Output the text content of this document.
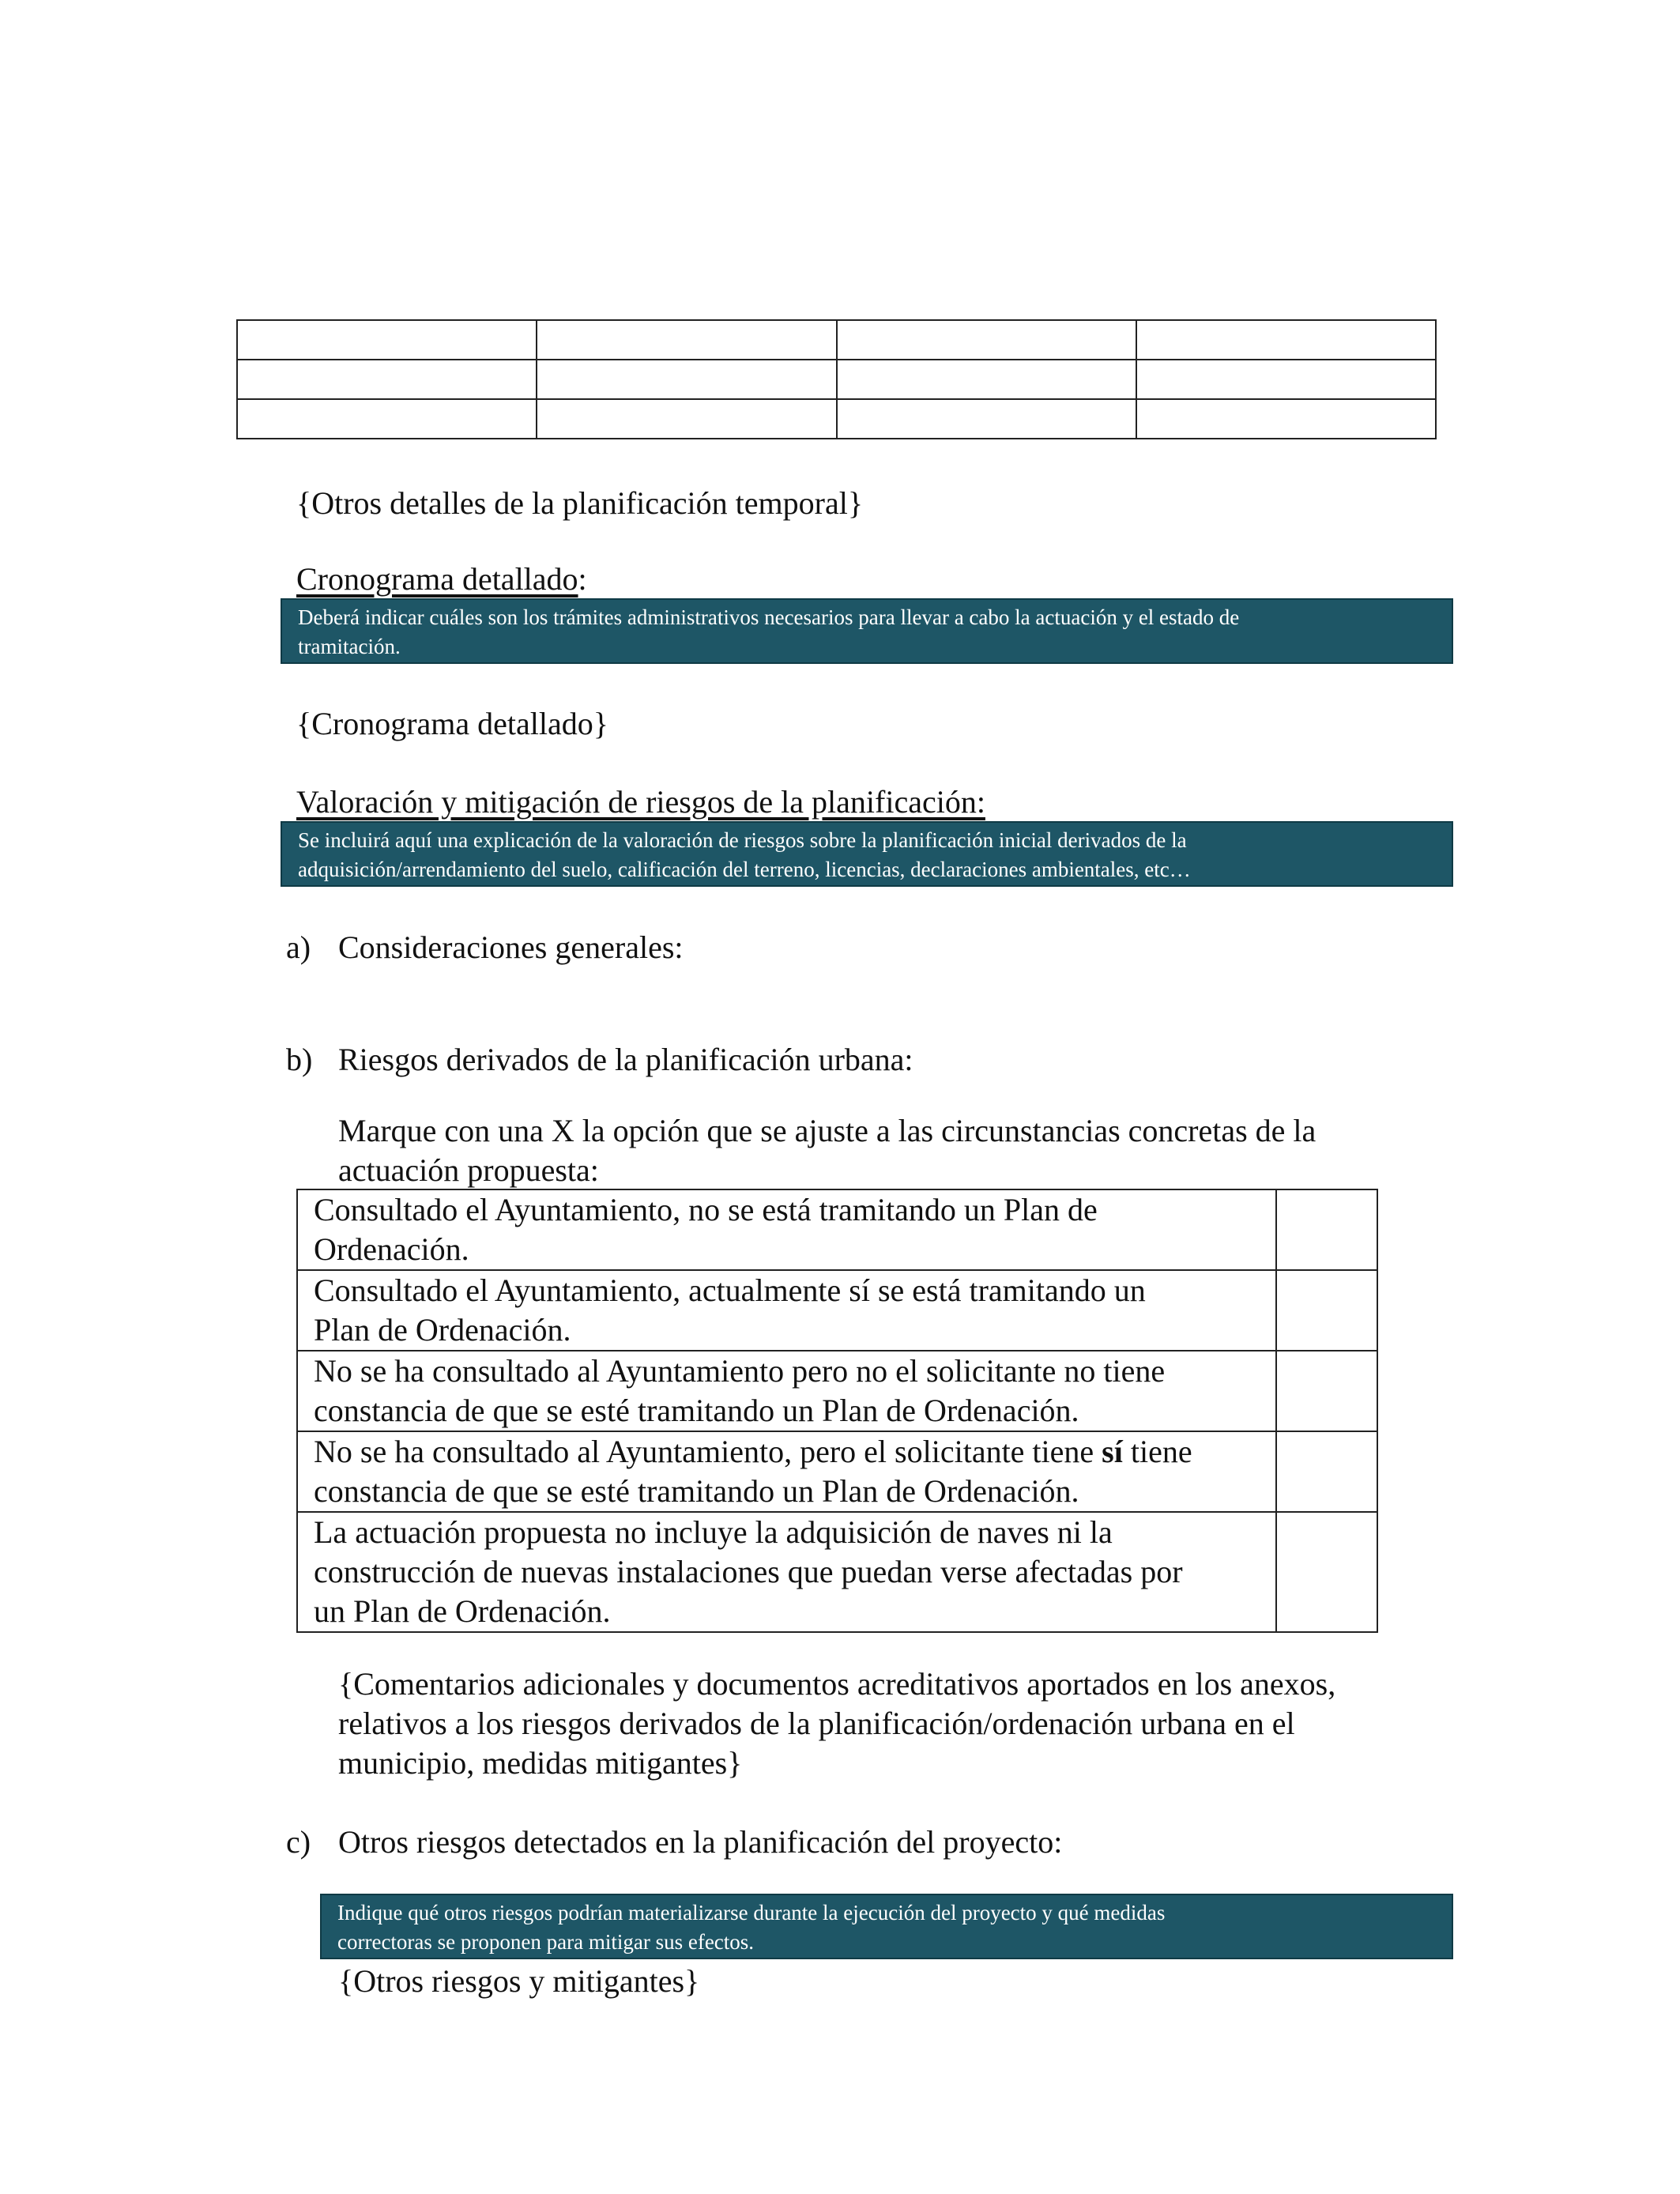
{Otros detalles de la planificación temporal}
Cronograma detallado:
Deberá indicar cuáles son los trámites administrativos necesarios para llevar a cabo la actuación y el estado de
tramitación.
{Cronograma detallado}
Valoración y mitigación de riesgos de la planificación:
Se incluirá aquí una explicación de la valoración de riesgos sobre la planificación inicial derivados de la
adquisición/arrendamiento del suelo, calificación del terreno, licencias, declaraciones ambientales, etc…
a) Consideraciones generales:
b) Riesgos derivados de la planificación urbana:
Marque con una X la opción que se ajuste a las circunstancias concretas de la
actuación propuesta:
Consultado el Ayuntamiento, no se está tramitando un Plan de
Ordenación.	

Consultado el Ayuntamiento, actualmente sí se está tramitando un
Plan de Ordenación.	

No se ha consultado al Ayuntamiento pero no el solicitante no tiene
constancia de que se esté tramitando un Plan de Ordenación.	

No se ha consultado al Ayuntamiento, pero el solicitante tiene sí tiene
constancia de que se esté tramitando un Plan de Ordenación.	

La actuación propuesta no incluye la adquisición de naves ni la
construcción de nuevas instalaciones que puedan verse afectadas por
un Plan de Ordenación.	

{Comentarios adicionales y documentos acreditativos aportados en los anexos,
relativos a los riesgos derivados de la planificación/ordenación urbana en el
municipio, medidas mitigantes}
c) Otros riesgos detectados en la planificación del proyecto:
Indique qué otros riesgos podrían materializarse durante la ejecución del proyecto y qué medidas
correctoras se proponen para mitigar sus efectos.
{Otros riesgos y mitigantes}
